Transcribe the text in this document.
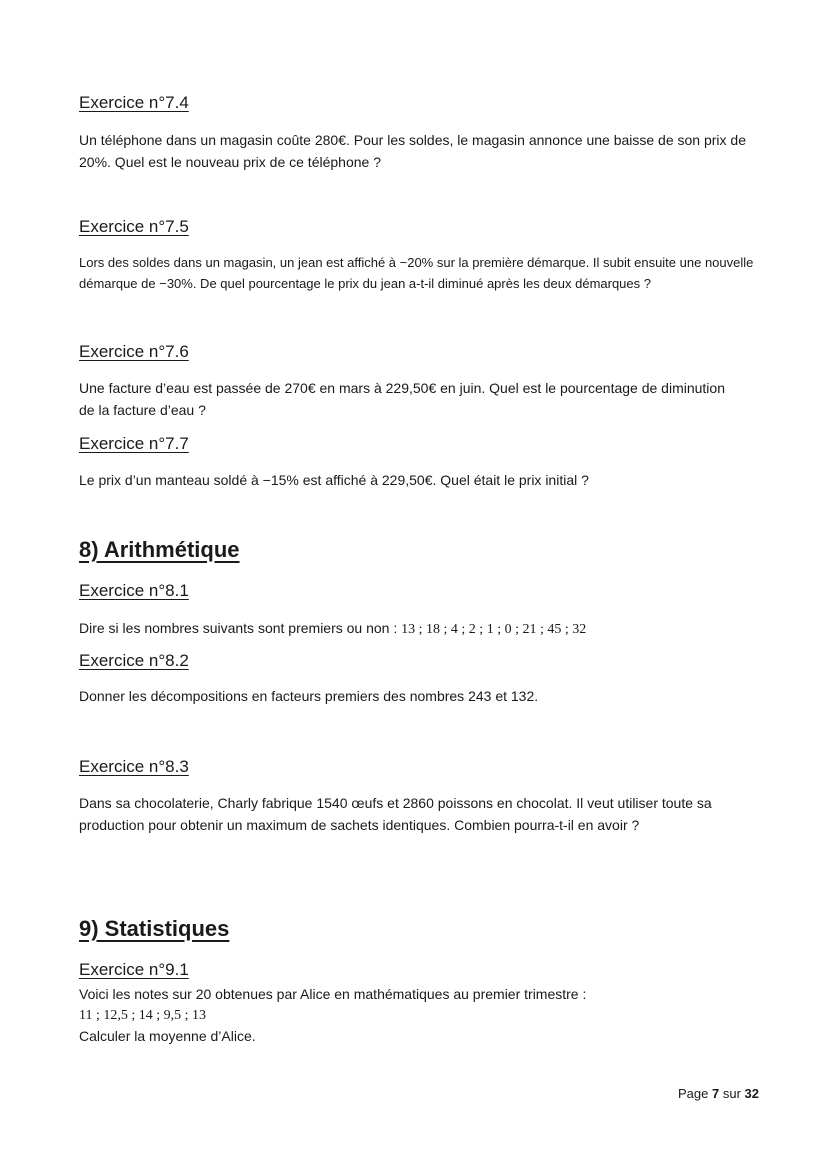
Exercice n°7.4
Un téléphone dans un magasin coûte 280€. Pour les soldes, le magasin annonce une baisse de son prix de 20%. Quel est le nouveau prix de ce téléphone ?
Exercice n°7.5
Lors des soldes dans un magasin, un jean est affiché à −20% sur la première démarque. Il subit ensuite une nouvelle démarque de −30%. De quel pourcentage le prix du jean a-t-il diminué après les deux démarques ?
Exercice n°7.6
Une facture d’eau est passée de 270€ en mars à 229,50€ en juin. Quel est le pourcentage de diminution de la facture d’eau ?
Exercice n°7.7
Le prix d’un manteau soldé à −15% est affiché à 229,50€. Quel était le prix initial ?
8) Arithmétique
Exercice n°8.1
Dire si les nombres suivants sont premiers ou non : 13 ; 18 ; 4 ; 2 ; 1 ; 0 ; 21 ; 45 ; 32
Exercice n°8.2
Donner les décompositions en facteurs premiers des nombres 243 et 132.
Exercice n°8.3
Dans sa chocolaterie, Charly fabrique 1540 œufs et 2860 poissons en chocolat. Il veut utiliser toute sa production pour obtenir un maximum de sachets identiques. Combien pourra-t-il en avoir ?
9) Statistiques
Exercice n°9.1
Voici les notes sur 20 obtenues par Alice en mathématiques au premier trimestre :
11 ; 12,5 ; 14 ; 9,5 ; 13
Calculer la moyenne d’Alice.
Page 7 sur 32
